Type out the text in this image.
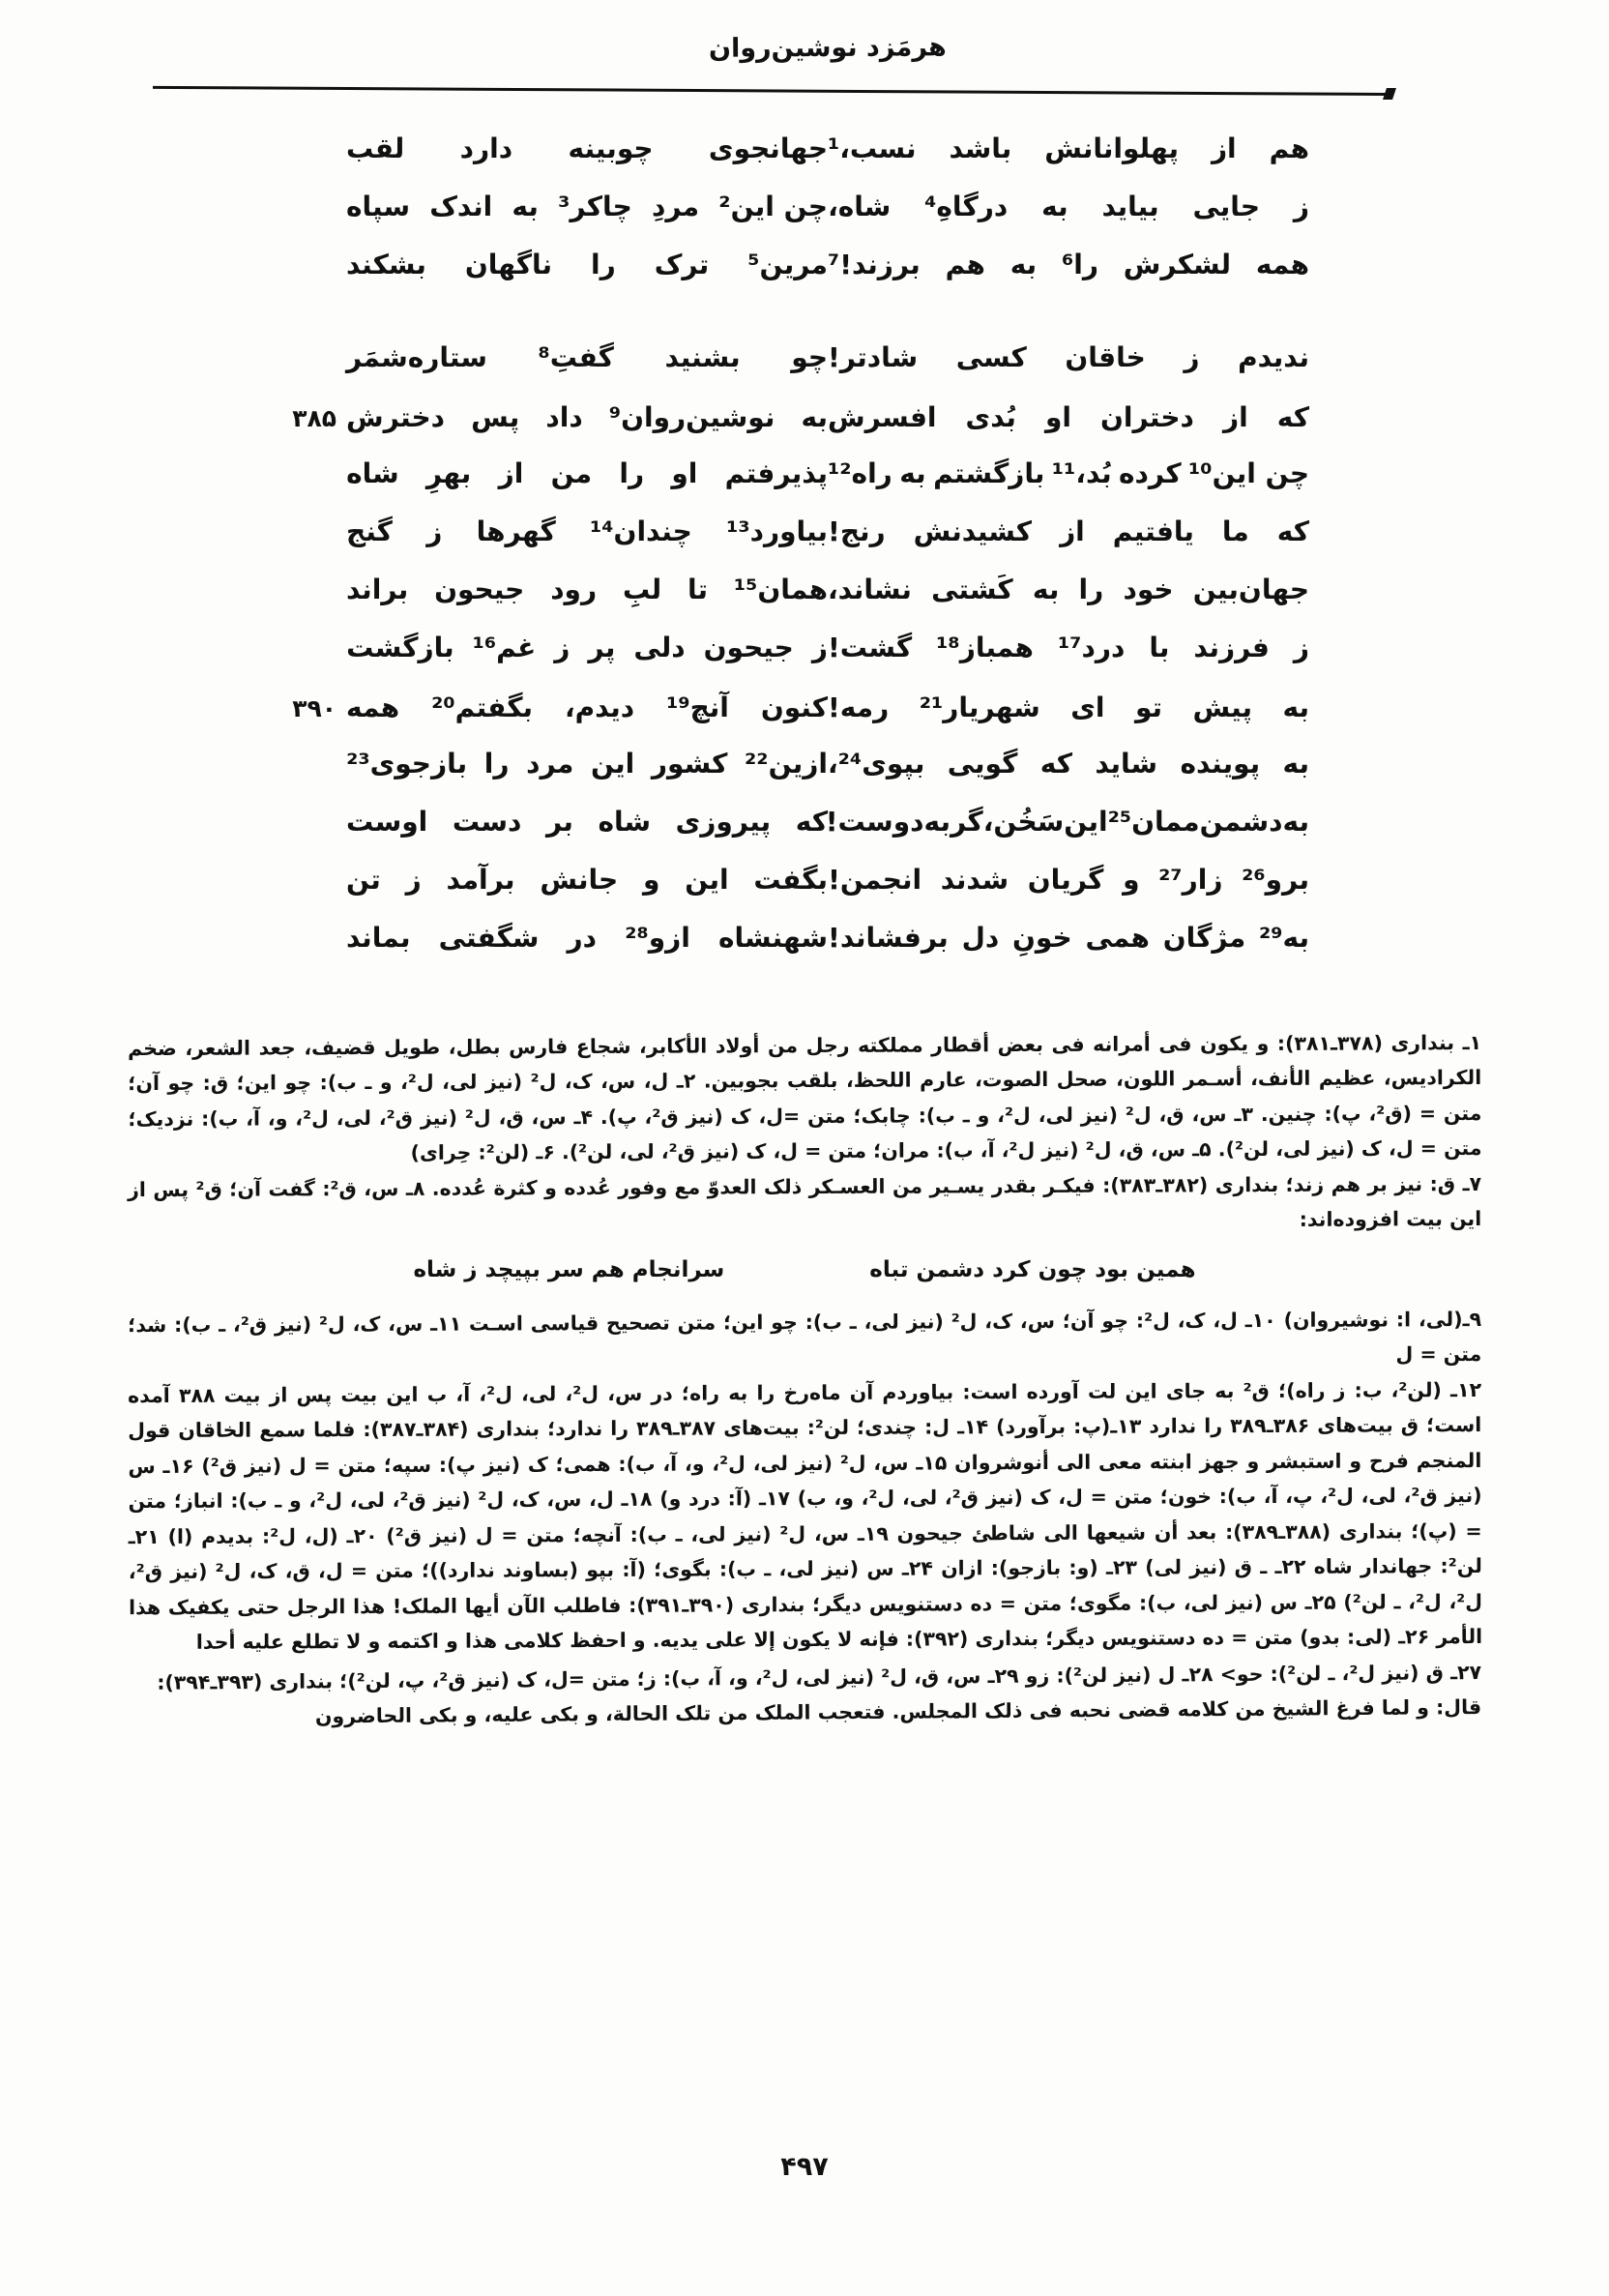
هرمَزد نوشین‌روان
هم
از
پهلوانانش
باشد
نسب،¹
جهانجوی
چوبینه
دارد
لقب
ز
جایی
بیاید
به
درگاهِ⁴
شاه،
چن این²
مردِ
چاکر³
به
اندک
سپاه
همه
لشکرش
را⁶
به
هم
برزند!⁷
مرین⁵
ترک
را
ناگهان
بشکند
ندیدم
ز
خاقان
کسی
شادتر!
چو
بشنید
گفتِ⁸
ستاره‌شمَر
که
از
دختران
او
بُدی
افسرش
به
نوشین‌روان⁹
داد
پس
دخترش
۳۸۵
چن این¹⁰
کرده
بُد،¹¹
بازگشتم
به
راه¹²
پذیرفتم
او
را
من
از
بهرِ
شاه
که
ما
یافتیم
از
کشیدنش
رنج!
بیاورد¹³
چندان¹⁴
گهرها
ز
گنج
جهان‌بین
خود
را
به
کَشتی
نشاند،
همان¹⁵
تا
لبِ
رود
جیحون
براند
ز
فرزند
با
درد¹⁷
همباز¹⁸
گشت!
ز
جیحون
دلی
پر
ز
غم¹⁶
بازگشت
به
پیش
تو
ای
شهریار²¹
رمه!
کنون
آنچ¹⁹
دیدم،
بگفتم²⁰
همه
۳۹۰
به
پوینده
شاید
که
گویی
بپوی²⁴،
ازین²²
کشور
این
مرد
را
بازجوی²³
به
دشمن
ممان²⁵
این
سَخُن،
گر
به
دوست!
که
پیروزی
شاه
بر
دست
اوست
برو²⁶
زار²⁷
و
گریان
شدند
انجمن!
بگفت
این
و
جانش
برآمد
ز
تن
به²⁹
مژگان
همی
خونِ
دل
برفشاند!
شهنشاه
ازو²⁸
در
شگفتی
بماند

۱ـ بنداری (۳۷۸ـ۳۸۱): و یکون فی أمرانه فی بعض أقطار مملکته رجل من أولاد الأکابر، شجاع فارس بطل، طویل قضیف، جعد الشعر، ضخم الکرادیس، عظیم الأنف، أسـمر اللون، صحل الصوت، عارم اللحظ، بلقب بجوبین. ۲ـ ل، س، ک، ل² (نیز لی، ل²، و ـ ب): چو این؛ ق: چو آن؛ متن = (ق²، پ): چنین. ۳ـ س، ق، ل² (نیز لی، ل²، و ـ ب): چابک؛ متن =ل، ک (نیز ق²، پ). ۴ـ س، ق، ل² (نیز ق²، لی، ل²، و، آ، ب): نزدیک؛ متن = ل، ک (نیز لی، لن²). ۵ـ س، ق، ل² (نیز ل²، آ، ب): مران؛ متن = ل، ک (نیز ق²، لی، لن²). ۶ـ (لن²: حِرای)

۷ـ ق: نیز بر هم زند؛ بنداری (۳۸۲ـ۳۸۳): فیکـر بقدر یسـیر من العسـکر ذلک العدوّ مع وفور عُدده و کثرة عُدده. ۸ـ س، ق²: گفت آن؛ ق² پس از این بیت افزوده‌اند:

همین بود چون کرد دشمن تباه
سرانجام هم سر بپیچد ز شاه

۹ـ(لی، ا: نوشیروان) ۱۰ـ ل، ک، ل²: چو آن؛ س، ک، ل² (نیز لی، ـ ب): چو این؛ متن تصحیح قیاسی اسـت ۱۱ـ س، ک، ل² (نیز ق²، ـ ب): شد؛ متن = ل

۱۲ـ (لن²، ب: ز راه)؛ ق² به جای این لت آورده است: بیاوردم آن ماه‌رخ را به راه؛ در س، ل²، لی، ل²، آ، ب این بیت پس از بیت ۳۸۸ آمده است؛ ق بیت‌های ۳۸۶ـ۳۸۹ را ندارد ۱۳ـ(پ: برآورد) ۱۴ـ ل: چندی؛ لن²: بیت‌های ۳۸۷ـ۳۸۹ را ندارد؛ بنداری (۳۸۴ـ۳۸۷): فلما سمع الخاقان قول المنجم فرح و استبشر و جهز ابنته معی الی أنوشروان ۱۵ـ س، ل² (نیز لی، ل²، و، آ، ب): همی؛ ک (نیز پ): سپه؛ متن = ل (نیز ق²) ۱۶ـ س (نیز ق²، لی، ل²، پ، آ، ب): خون؛ متن = ل، ک (نیز ق²، لی، ل²، و، ب) ۱۷ـ (آ: درد و) ۱۸ـ ل، س، ک، ل² (نیز ق²، لی، ل²، و ـ ب): انباز؛ متن = (پ)؛ بنداری (۳۸۸ـ۳۸۹): بعد أن شیعها الی شاطئ جیحون ۱۹ـ س، ل² (نیز لی، ـ ب): آنچه؛ متن = ل (نیز ق²) ۲۰ـ (ل، ل²: بدیدم (ا) ۲۱ـ لن²: جهاندار شاه ۲۲ـ ـ ق (نیز لی) ۲۳ـ (و: بازجو): ازان ۲۴ـ س (نیز لی، ـ ب): بگوی؛ (آ: بپو (بساوند ندارد))؛ متن = ل، ق، ک، ل² (نیز ق²، ل²، ل²، ـ لن²) ۲۵ـ س (نیز لی، ب): مگوی؛ متن = ده دستنویس دیگر؛ بنداری (۳۹۰ـ۳۹۱): فاطلب الآن أیها الملک! هذا الرجل حتی یکفیک هذا الأمر ۲۶ـ (لی: بدو) متن = ده دستنویس دیگر؛ بنداری (۳۹۲): فإنه لا یکون إلا علی یدیه. و احفظ کلامی هذا و اکتمه و لا تطلع علیه أحدا

۲۷ـ ق (نیز ل²، ـ لن²): حو> ۲۸ـ ل (نیز لن²): زو ۲۹ـ س، ق، ل² (نیز لی، ل²، و، آ، ب): ز؛ متن =ل، ک (نیز ق²، پ، لن²)؛ بنداری (۳۹۳ـ۳۹۴):

قال: و لما فرغ الشیخ من کلامه قضی نحبه فی ذلک المجلس. فتعجب الملک من تلک الحالة، و بکی علیه، و بکی الحاضرون

۴۹۷
